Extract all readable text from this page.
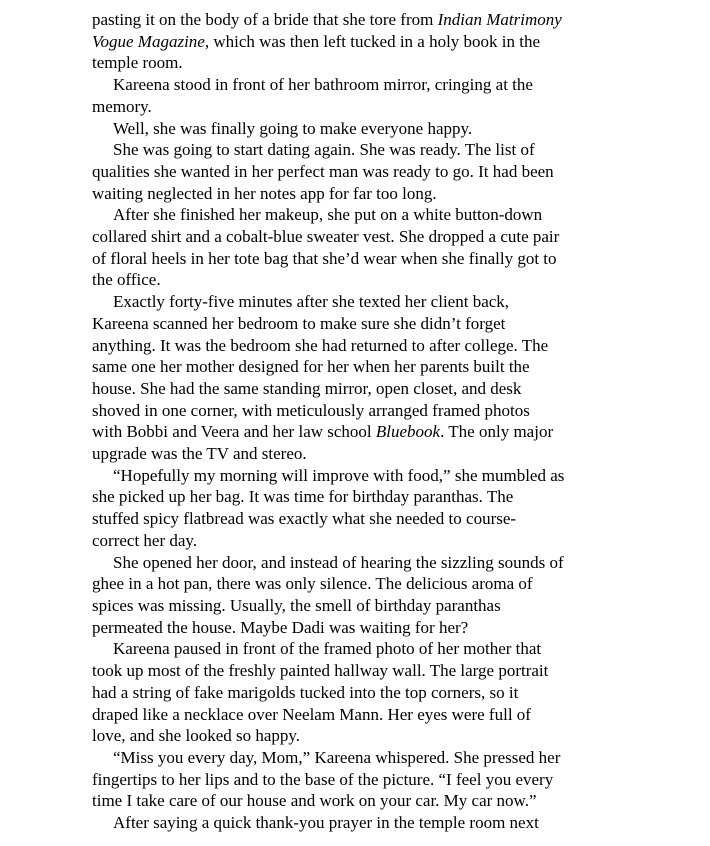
pasting it on the body of a bride that she tore from Indian Matrimony
Vogue Magazine, which was then left tucked in a holy book in the
temple room.
Kareena stood in front of her bathroom mirror, cringing at the
memory.
Well, she was finally going to make everyone happy.
She was going to start dating again. She was ready. The list of
qualities she wanted in her perfect man was ready to go. It had been
waiting neglected in her notes app for far too long.
After she finished her makeup, she put on a white button-down
collared shirt and a cobalt-blue sweater vest. She dropped a cute pair
of floral heels in her tote bag that she’d wear when she finally got to
the office.
Exactly forty-five minutes after she texted her client back,
Kareena scanned her bedroom to make sure she didn’t forget
anything. It was the bedroom she had returned to after college. The
same one her mother designed for her when her parents built the
house. She had the same standing mirror, open closet, and desk
shoved in one corner, with meticulously arranged framed photos
with Bobbi and Veera and her law school Bluebook. The only major
upgrade was the TV and stereo.
“Hopefully my morning will improve with food,” she mumbled as
she picked up her bag. It was time for birthday paranthas. The
stuffed spicy flatbread was exactly what she needed to course-
correct her day.
She opened her door, and instead of hearing the sizzling sounds of
ghee in a hot pan, there was only silence. The delicious aroma of
spices was missing. Usually, the smell of birthday paranthas
permeated the house. Maybe Dadi was waiting for her?
Kareena paused in front of the framed photo of her mother that
took up most of the freshly painted hallway wall. The large portrait
had a string of fake marigolds tucked into the top corners, so it
draped like a necklace over Neelam Mann. Her eyes were full of
love, and she looked so happy.
“Miss you every day, Mom,” Kareena whispered. She pressed her
fingertips to her lips and to the base of the picture. “I feel you every
time I take care of our house and work on your car. My car now.”
After saying a quick thank-you prayer in the temple room next
